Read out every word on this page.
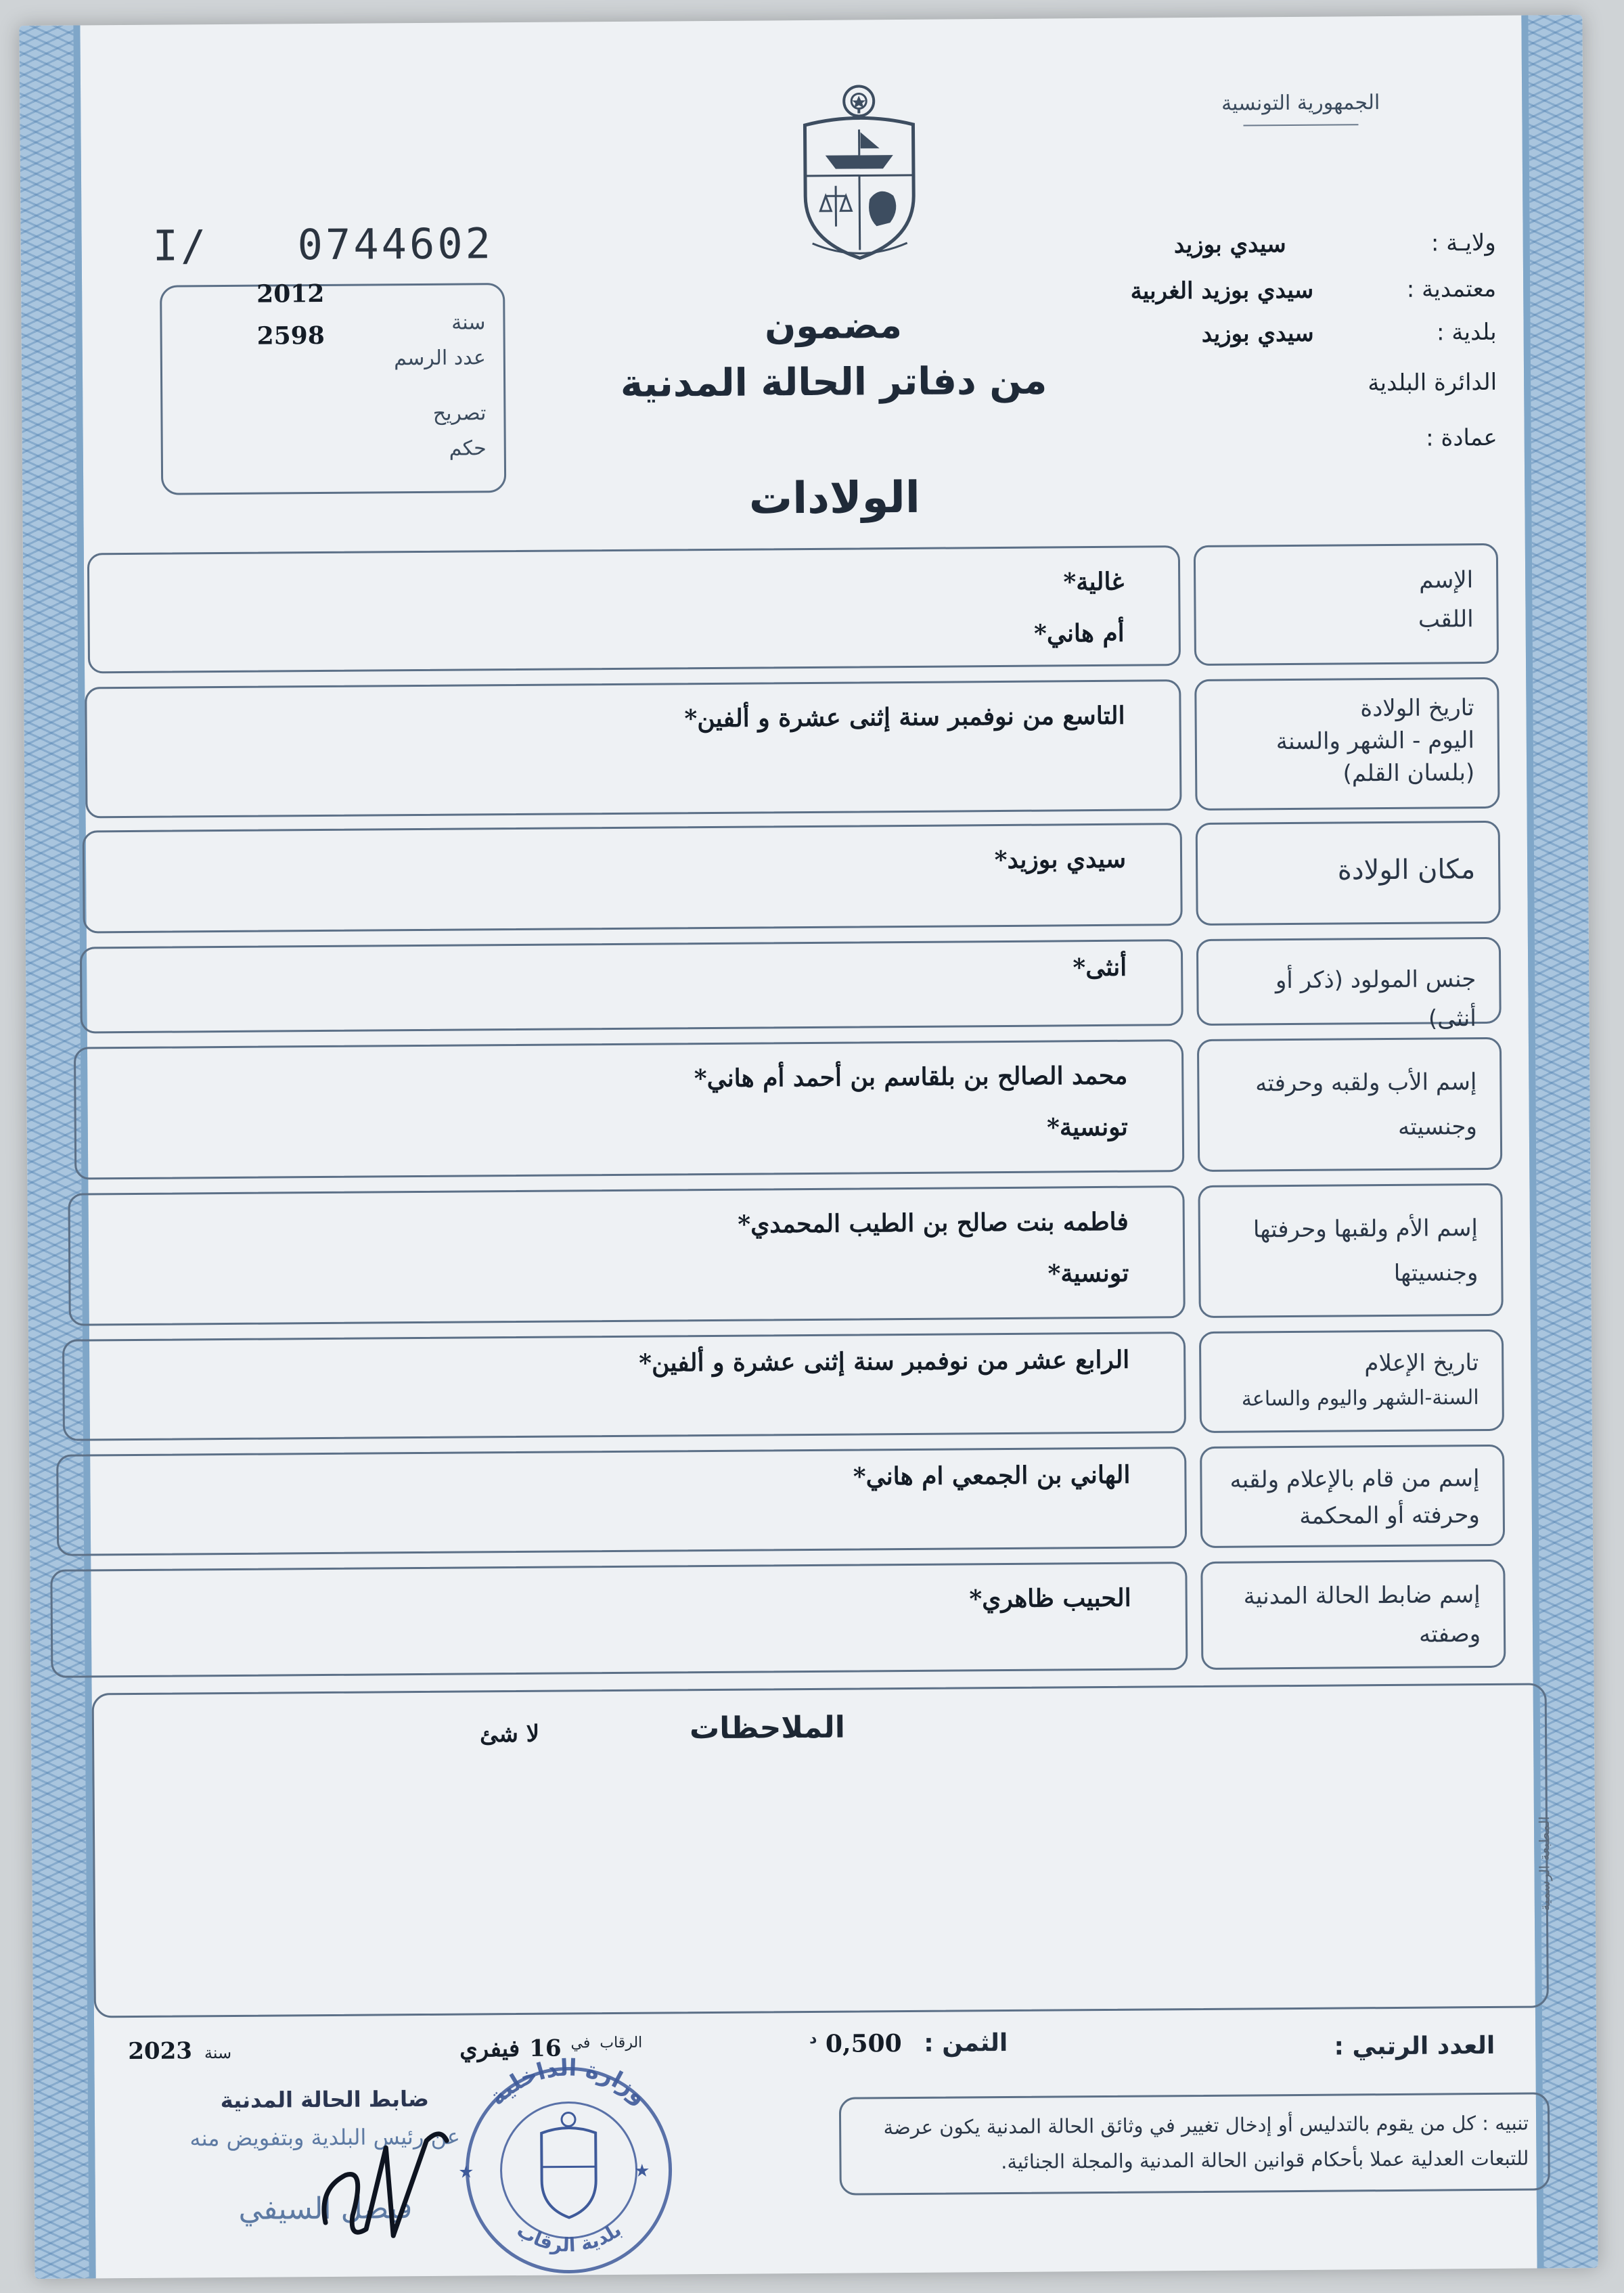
الجمهورية التونسية
ولايـة :
سيدي بوزيد
معتمدية :
سيدي بوزيد الغربية
بلدية :
سيدي بوزيد
الدائرة البلدية
عمادة :
I/ 0744602
سنة
عدد الرسم
تصريح
حكم
2012
2598	مضمون
من دفاتر الحالة المدنية
الولادات
الإسم
اللقب
غالية*
أم هاني*
تاريخ الولادة
اليوم - الشهر والسنة
(بلسان القلم)
التاسع من نوفمبر سنة إثنى عشرة و ألفين*
مكان الولادة
سيدي بوزيد*
جنس المولود (ذكر أو أنثى)
أنثى*
إسم الأب ولقبه وحرفته
وجنسيته
محمد الصالح بن بلقاسم بن أحمد أم هاني*
تونسية*
إسم الأم ولقبها وحرفتها
وجنسيتها
فاطمه بنت صالح بن الطيب المحمدي*
تونسية*
تاريخ الإعلام
السنة-الشهر واليوم والساعة
الرابع عشر من نوفمبر سنة إثنى عشرة و ألفين*
إسم من قام بالإعلام ولقبه
وحرفته أو المحكمة
الهاني بن الجمعي ام هاني*
إسم ضابط الحالة المدنية
وصفته
الحبيب ظاهري*
الملاحظات
لا شئ
المطبعة الرسمية
العدد الرتبي :
الثمن : 0,500 $^د$
2023 سنة
الرقاب
في
16
فيفري
تنبيه : كل من يقوم بالتدليس أو إدخال تغيير في وثائق الحالة المدنية يكون عرضة للتبعات العدلية عملا بأحكام قوانين الحالة المدنية والمجلة الجنائية.
ضابط الحالة المدنية
عن رئيس البلدية وبتفويض منه
فيصل السيفي
وزارة الداخلية
بلدية الرقاب
★	★
